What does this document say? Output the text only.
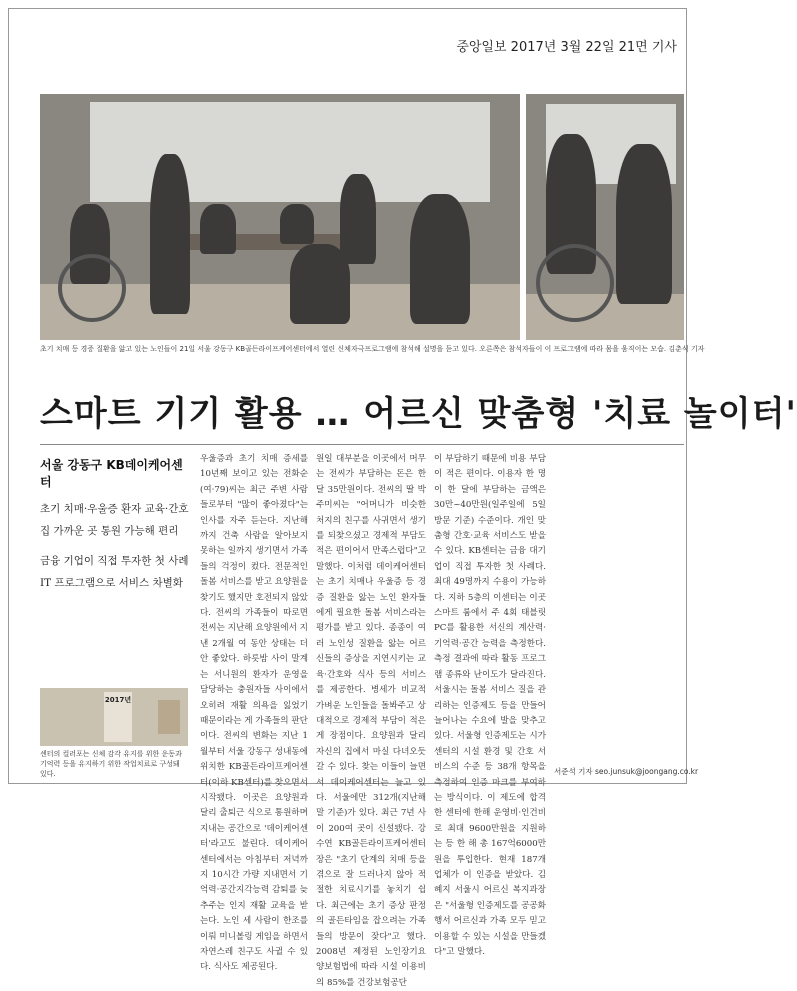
중앙일보 2017년 3월 22일 21면 기사
초기 치매 등 경증 질환을 앓고 있는 노인들이 21일 서울 강동구 KB골든라이프케어센터에서 열린 신체자극프로그램에 참석해 설명을 듣고 있다. 오른쪽은 참석자들이 이 프로그램에 따라 몸을 움직이는 모습. 김춘식 기자
스마트 기기 활용 … 어르신 맞춤형 '치료 놀이터'
서울 강동구 KB데이케어센터
초기 치매·우울증 환자 교육·간호
집 가까운 곳 통원 가능해 편리
금융 기업이 직접 투자한 첫 사례
IT 프로그램으로 서비스 차별화
2017년
센터의 컬러포는 신체 감각 유지를 위한 운동과 기억력 등을 유지하기 위한 작업치료로 구성돼 있다.
우울증과 초기 치매 증세를 10년째 보이고 있는 전화순(여·79)씨는 최근 주변 사람들로부터 "많이 좋아졌다"는 인사를 자주 듣는다. 지난해까지 건축 사람을 알아보지 못하는 일까지 생기면서 가족들의 걱정이 컸다. 전문적인 돌봄 서비스를 받고 요양원을 찾기도 했지만 호전되지 않았다. 전씨의 가족들이 따로면 전씨는 지난해 요양원에서 지낸 2개월 여 동안 상태는 더 안 좋았다. 하릇밤 사이 말계는 서니원의 환자가 운영을 담당하는 충원자들 사이에서 오히려 재활 의욕을 잃었기 때문이라는 게 가족들의 판단이다. 전씨의 변화는 지난 1월부터 서울 강동구 성내동에 위치한 KB골든라이프케어센터(이하 KB센터)를 찾으면서 시작됐다. 이곳은 요양원과 달리 출퇴근 식으로 통원하며 지내는 공간으로 '데이케어센터'라고도 불린다. 데이케어센터에서는 아침부터 저녁까지 10시간 가량 지내면서 기억력·공간지각능력 감퇴를 늦추주는 인지 재활 교육을 받는다. 노인 세 사람이 한조를 이뤄 미니볼링 게임을 하면서 자연스레 친구도 사귈 수 있다. 식사도 제공된다.
원일 대부분을 이곳에서 머무는 전씨가 부담하는 돈은 한 달 35만원이다. 전씨의 딸 박주미씨는 "어머니가 비슷한 처지의 친구를 사귀면서 생기를 되찾으셨고 경제적 부담도 적은 편이어서 만족스럽다"고 말했다. 이처럼 데이케어센터는 초기 치매나 우울증 등 경증 질환을 앓는 노인 환자들에게 필요한 돌봄 서비스라는 평가를 받고 있다. 종종이 여러 노인성 질환을 앓는 어르신들의 증상을 지연시키는 교육·간호와 식사 등의 서비스를 제공한다. 병세가 비교적 가벼운 노인들을 돌봐주고 상대적으로 경제적 부담이 적은 게 장점이다. 요양원과 달리 자신의 집에서 마실 다녀오듯 갈 수 있다. 찾는 이들이 늘면서 데이케어센터는 늘고 있다. 서울에만 312개(지난해 말 기준)가 있다. 최근 7년 사이 200여 곳이 신설됐다. 강수연 KB골든라이프케어센터장은 "초기 단계의 치매 등을 겪으로 잘 드러나지 않아 적절한 치료시기를 놓치기 쉽다. 최근에는 초기 증상 판정의 골든타임을 잡으려는 가족들의 방문이 잦다"고 했다. 2008년 제정된 노인장기요양보험법에 따라 시설 이용비의 85%를 건강보험공단
이 부담하기 때문에 비용 부담이 적은 편이다. 이용자 한 명이 한 달에 부담하는 금액은 30만~40만원(일주일에 5일 방문 기준) 수준이다. 개인 맞춤형 간호·교육 서비스도 받을 수 있다. KB센터는 금융 대기업이 직접 투자한 첫 사례다. 최대 49명까지 수용이 가능하다. 지하 5층의 이센터는 이곳 스마트 룸에서 주 4회 태블릿 PC를 활용한 서신의 계산력·기억력·공간 능력을 측정한다. 측정 결과에 따라 활동 프로그램 종류와 난이도가 달라진다. 서울시는 돌봄 서비스 질을 관리하는 인증제도 등을 만들어 늘어나는 수요에 발을 맞추고 있다. 서울형 인증제도는 시가 센터의 시설 환경 및 간호 서비스의 수준 등 38개 항목을 측정하여 인증 마크를 부여하는 방식이다. 이 제도에 합격한 센터에 한해 운영비·인건비로 최대 9600만원을 지원하는 등 한 해 총 167억6000만원을 투입한다. 현재 187개 업체가 이 인증을 받았다. 김혜지 서울시 어르신 복지과장은 "서울형 인증제도를 공공화 행서 어르신과 가족 모두 믿고 이용할 수 있는 시설을 만들겠다"고 말했다.
서준석 기자 seo.junsuk@joongang.co.kr
